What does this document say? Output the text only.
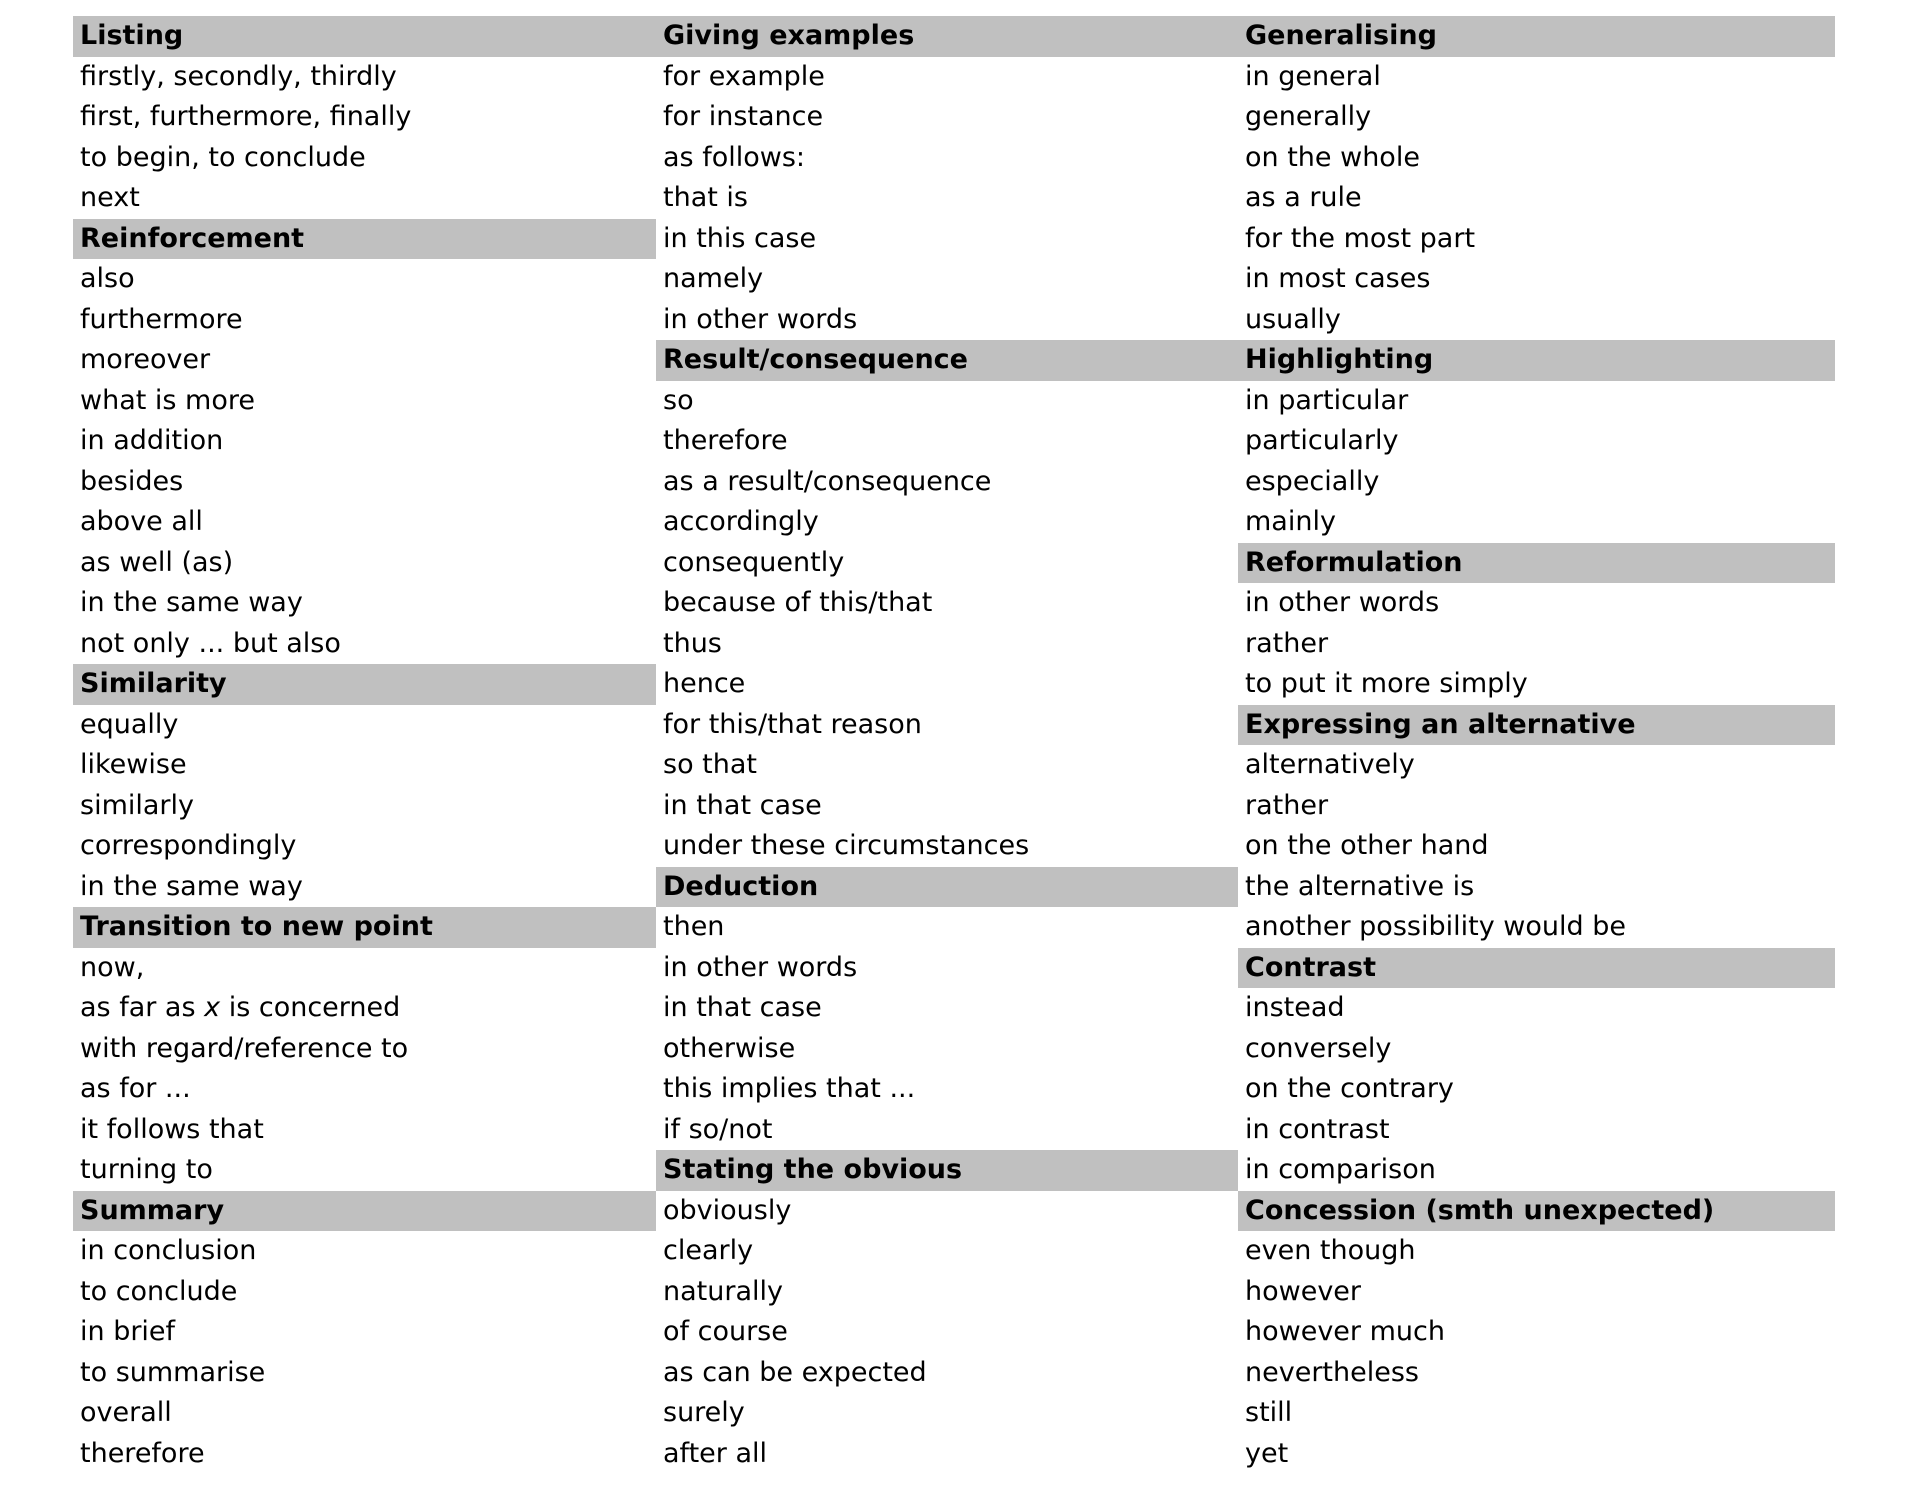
Listing
firstly, secondly, thirdly
first, furthermore, finally
to begin, to conclude
next
Reinforcement
also
furthermore
moreover
what is more
in addition
besides
above all
as well (as)
in the same way
not only ... but also
Similarity
equally
likewise
similarly
correspondingly
in the same way
Transition to new point
now,
as far as x is concerned
with regard/reference to
as for ...
it follows that
turning to
Summary
in conclusion
to conclude
in brief
to summarise
overall
therefore
Giving examples
for example
for instance
as follows:
that is
in this case
namely
in other words
Result/consequence
so
therefore
as a result/consequence
accordingly
consequently
because of this/that
thus
hence
for this/that reason
so that
in that case
under these circumstances
Deduction
then
in other words
in that case
otherwise
this implies that ...
if so/not
Stating the obvious
obviously
clearly
naturally
of course
as can be expected
surely
after all
Generalising
in general
generally
on the whole
as a rule
for the most part
in most cases
usually
Highlighting
in particular
particularly
especially
mainly
Reformulation
in other words
rather
to put it more simply
Expressing an alternative
alternatively
rather
on the other hand
the alternative is
another possibility would be
Contrast
instead
conversely
on the contrary
in contrast
in comparison
Concession (smth unexpected)
even though
however
however much
nevertheless
still
yet
